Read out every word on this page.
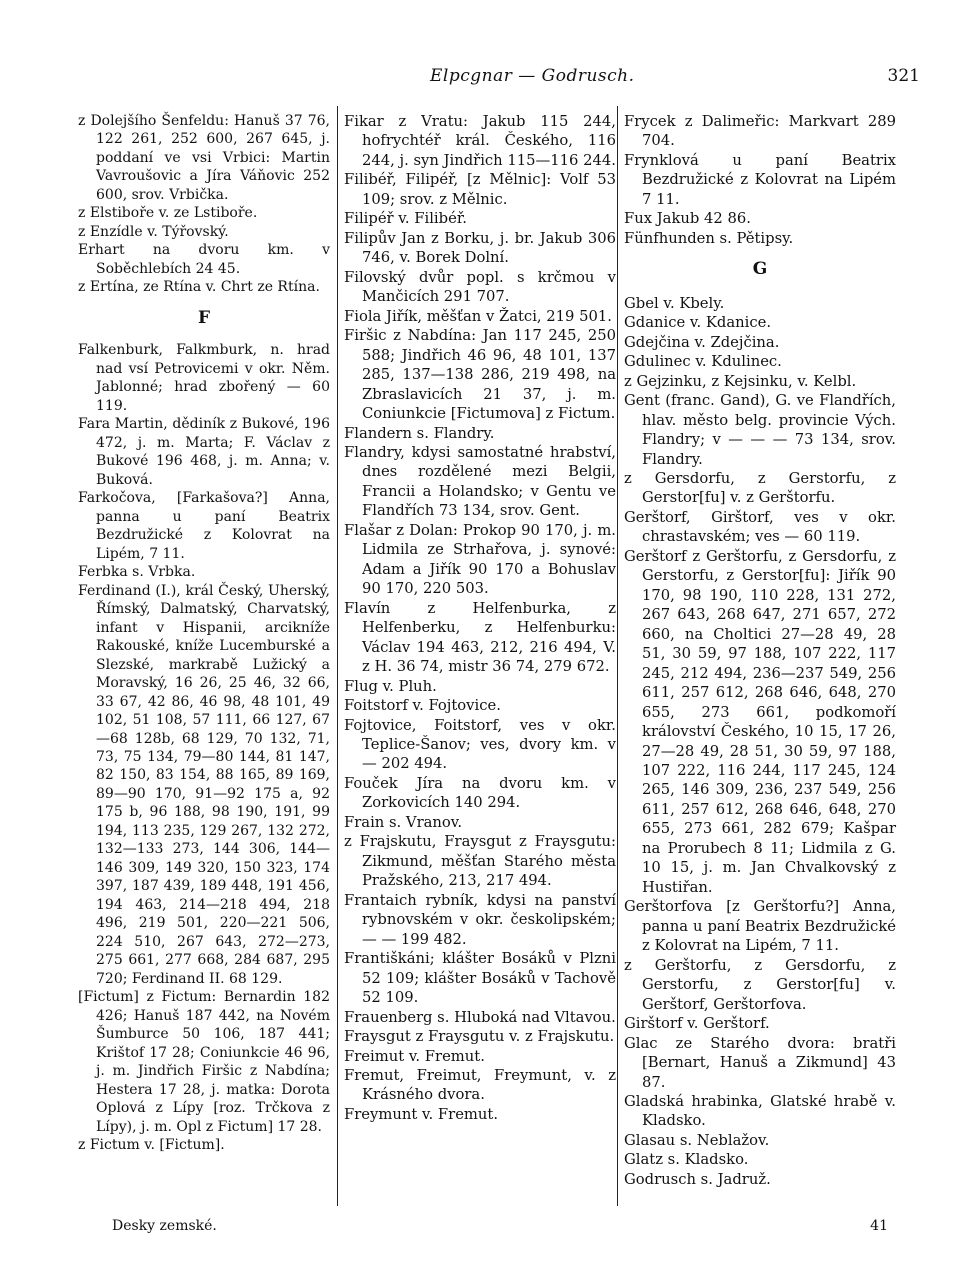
Elpcgnar — Godrusch.	321

z Dolejšího Šenfeldu: Hanuš 37 76, 122 261, 252 600, 267 645, j. poddaní ve vsi Vrbici: Martin Vavroušovic a Jíra Váňovic 252 600, srov. Vrbička.

z Elstiboře v. ze Lstiboře.

z Enzídle v. Týřovský.

Erhart na dvoru km. v Soběchlebích 24 45.

z Ertína, ze Rtína v. Chrt ze Rtína.

F

Falkenburk, Falkmburk, n. hrad nad vsí Petrovicemi v okr. Něm. Jablonné; hrad zbořený — 60 119.

Fara Martin, dědiník z Bukové, 196 472, j. m. Marta; F. Václav z Bukové 196 468, j. m. Anna; v. Buková.

Farkočova, [Farkašova?] Anna, panna u paní Beatrix Bezdružické z Kolovrat na Lipém, 7 11.

Ferbka s. Vrbka.

Ferdinand (I.), král Český, Uherský, Římský, Dalmatský, Charvatský, infant v Hispanii, arcikníže Rakouské, kníže Lucemburské a Slezské, markrabě Lužický a Moravský, 16 26, 25 46, 32 66, 33 67, 42 86, 46 98, 48 101, 49 102, 51 108, 57 111, 66 127, 67—68 128b, 68 129, 70 132, 71, 73, 75 134, 79—80 144, 81 147, 82 150, 83 154, 88 165, 89 169, 89—90 170, 91—92 175 a, 92 175 b, 96 188, 98 190, 191, 99 194, 113 235, 129 267, 132 272, 132—133 273, 144 306, 144—146 309, 149 320, 150 323, 174 397, 187 439, 189 448, 191 456, 194 463, 214—218 494, 218 496, 219 501, 220—221 506, 224 510, 267 643, 272—273, 275 661, 277 668, 284 687, 295 720; Ferdinand II. 68 129.

[Fictum] z Fictum: Bernardin 182 426; Hanuš 187 442, na Novém Šumburce 50 106, 187 441; Krištof 17 28; Coniunkcie 46 96, j. m. Jindřich Firšic z Nabdína; Hestera 17 28, j. matka: Dorota Oplová z Lípy [roz. Trčkova z Lípy), j. m. Opl z Fictum] 17 28.

z Fictum v. [Fictum].

Fikar z Vratu: Jakub 115 244, hofrychtéř král. Českého, 116 244, j. syn Jindřich 115—116 244.

Filibéř, Filipéř, [z Mělnic]: Volf 53 109; srov. z Mělnic.

Filipéř v. Filibéř.

Filipův Jan z Borku, j. br. Jakub 306 746, v. Borek Dolní.

Filovský dvůr popl. s krčmou v Mančicích 291 707.

Fiola Jiřík, měšťan v Žatci, 219 501.

Firšic z Nabdína: Jan 117 245, 250 588; Jindřich 46 96, 48 101, 137 285, 137—138 286, 219 498, na Zbraslavicích 21 37, j. m. Coniunkcie [Fictumova] z Fictum.

Flandern s. Flandry.

Flandry, kdysi samostatné hrabství, dnes rozdělené mezi Belgii, Francii a Holandsko; v Gentu ve Flandřích 73 134, srov. Gent.

Flašar z Dolan: Prokop 90 170, j. m. Lidmila ze Strhařova, j. synové: Adam a Jiřík 90 170 a Bohuslav 90 170, 220 503.

Flavín z Helfenburka, z Helfenberku, z Helfenburku: Václav 194 463, 212, 216 494, V. z H. 36 74, mistr 36 74, 279 672.

Flug v. Pluh.

Foitstorf v. Fojtovice.

Fojtovice, Foitstorf, ves v okr. Teplice-Šanov; ves, dvory km. v — 202 494.

Fouček Jíra na dvoru km. v Zorkovicích 140 294.

Frain s. Vranov.

z Frajskutu, Fraysgut z Fraysgutu: Zikmund, měšťan Starého města Pražského, 213, 217 494.

Frantaich rybník, kdysi na panství rybnovském v okr. českolipském; — — 199 482.

Františkáni; klášter Bosáků v Plzni 52 109; klášter Bosáků v Tachově 52 109.

Frauenberg s. Hluboká nad Vltavou.

Fraysgut z Fraysgutu v. z Frajskutu.

Freimut v. Fremut.

Fremut, Freimut, Freymunt, v. z Krásného dvora.

Freymunt v. Fremut.

Frycek z Dalimeřic: Markvart 289 704.

Frynklová u paní Beatrix Bezdružické z Kolovrat na Lipém 7 11.

Fux Jakub 42 86.

Fünfhunden s. Pětipsy.

G

Gbel v. Kbely.

Gdanice v. Kdanice.

Gdejčina v. Zdejčina.

Gdulinec v. Kdulinec.

z Gejzinku, z Kejsinku, v. Kelbl.

Gent (franc. Gand), G. ve Flandřích, hlav. město belg. provincie Vých. Flandry; v — — — 73 134, srov. Flandry.

z Gersdorfu, z Gerstorfu, z Gerstor[fu] v. z Gerštorfu.

Gerštorf, Girštorf, ves v okr. chrastavském; ves — 60 119.

Gerštorf z Gerštorfu, z Gersdorfu, z Gerstorfu, z Gerstor[fu]: Jiřík 90 170, 98 190, 110 228, 131 272, 267 643, 268 647, 271 657, 272 660, na Choltici 27—28 49, 28 51, 30 59, 97 188, 107 222, 117 245, 212 494, 236—237 549, 256 611, 257 612, 268 646, 648, 270 655, 273 661, podkomoří království Českého, 10 15, 17 26, 27—28 49, 28 51, 30 59, 97 188, 107 222, 116 244, 117 245, 124 265, 146 309, 236, 237 549, 256 611, 257 612, 268 646, 648, 270 655, 273 661, 282 679; Kašpar na Prorubech 8 11; Lidmila z G. 10 15, j. m. Jan Chvalkovský z Hustiřan.

Gerštorfova [z Gerštorfu?] Anna, panna u paní Beatrix Bezdružické z Kolovrat na Lipém, 7 11.

z Gerštorfu, z Gersdorfu, z Gerstorfu, z Gerstor[fu] v. Gerštorf, Gerštorfova.

Girštorf v. Gerštorf.

Glac ze Starého dvora: bratři [Bernart, Hanuš a Zikmund] 43 87.

Gladská hrabinka, Glatské hrabě v. Kladsko.

Glasau s. Neblažov.

Glatz s. Kladsko.

Godrusch s. Jadruž.

Desky zemské.	41
